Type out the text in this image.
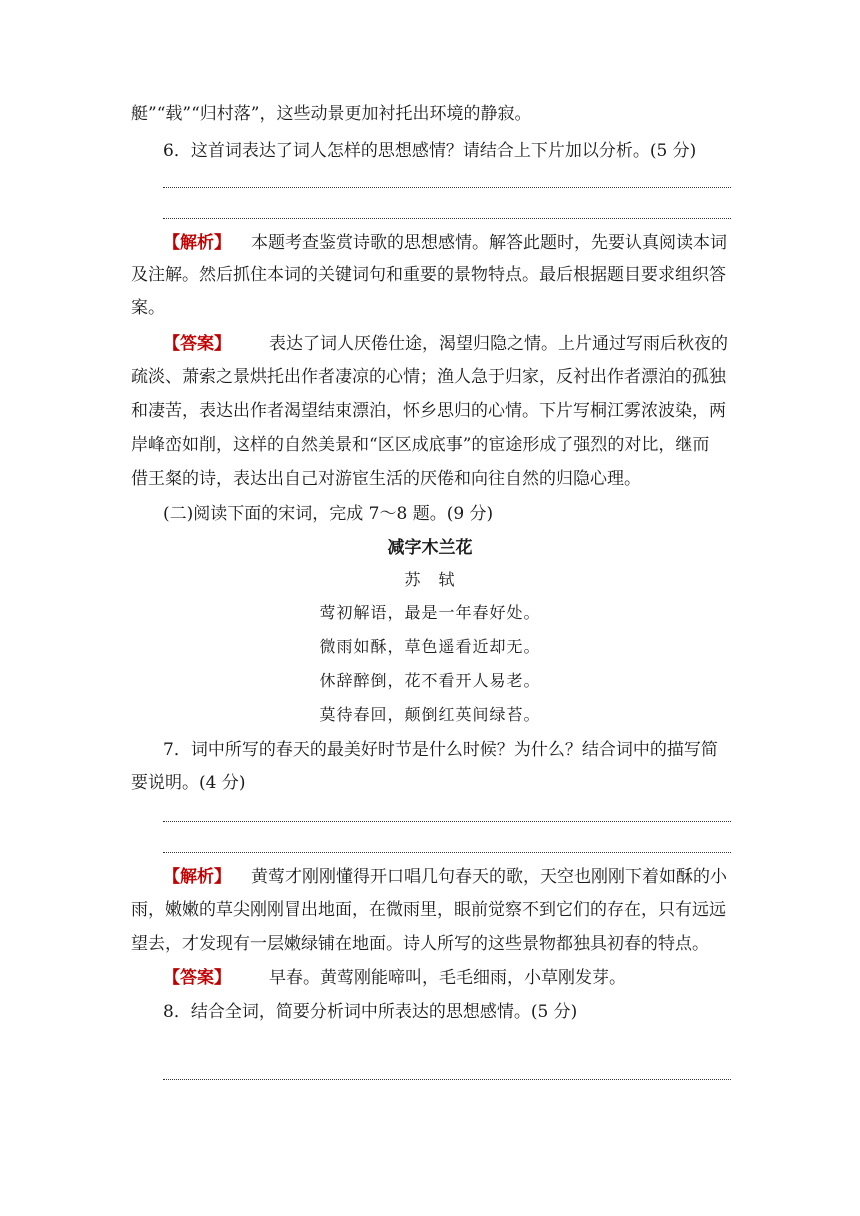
艇”“载”“归村落”，这些动景更加衬托出环境的静寂。
6．这首词表达了词人怎样的思想感情？请结合上下片加以分析。(5 分)
【解析】 本题考查鉴赏诗歌的思想感情。解答此题时，先要认真阅读本词
及注解。然后抓住本词的关键词句和重要的景物特点。最后根据题目要求组织答
案。
【答案】 表达了词人厌倦仕途，渴望归隐之情。上片通过写雨后秋夜的
疏淡、萧索之景烘托出作者凄凉的心情；渔人急于归家，反衬出作者漂泊的孤独
和凄苦，表达出作者渴望结束漂泊，怀乡思归的心情。下片写桐江雾浓波染，两
岸峰峦如削，这样的自然美景和“区区成底事”的宦途形成了强烈的对比，继而
借王粲的诗，表达出自己对游宦生活的厌倦和向往自然的归隐心理。
(二)阅读下面的宋词，完成 7～8 题。(9 分)
减字木兰花
苏　轼
莺初解语，最是一年春好处。
微雨如酥，草色遥看近却无。
休辞醉倒，花不看开人易老。
莫待春回，颠倒红英间绿苔。
7．词中所写的春天的最美好时节是什么时候？为什么？结合词中的描写简
要说明。(4 分)
【解析】 黄莺才刚刚懂得开口唱几句春天的歌，天空也刚刚下着如酥的小
雨，嫩嫩的草尖刚刚冒出地面，在微雨里，眼前觉察不到它们的存在，只有远远
望去，才发现有一层嫩绿铺在地面。诗人所写的这些景物都独具初春的特点。
【答案】 早春。黄莺刚能啼叫，毛毛细雨，小草刚发芽。
8．结合全词，简要分析词中所表达的思想感情。(5 分)
